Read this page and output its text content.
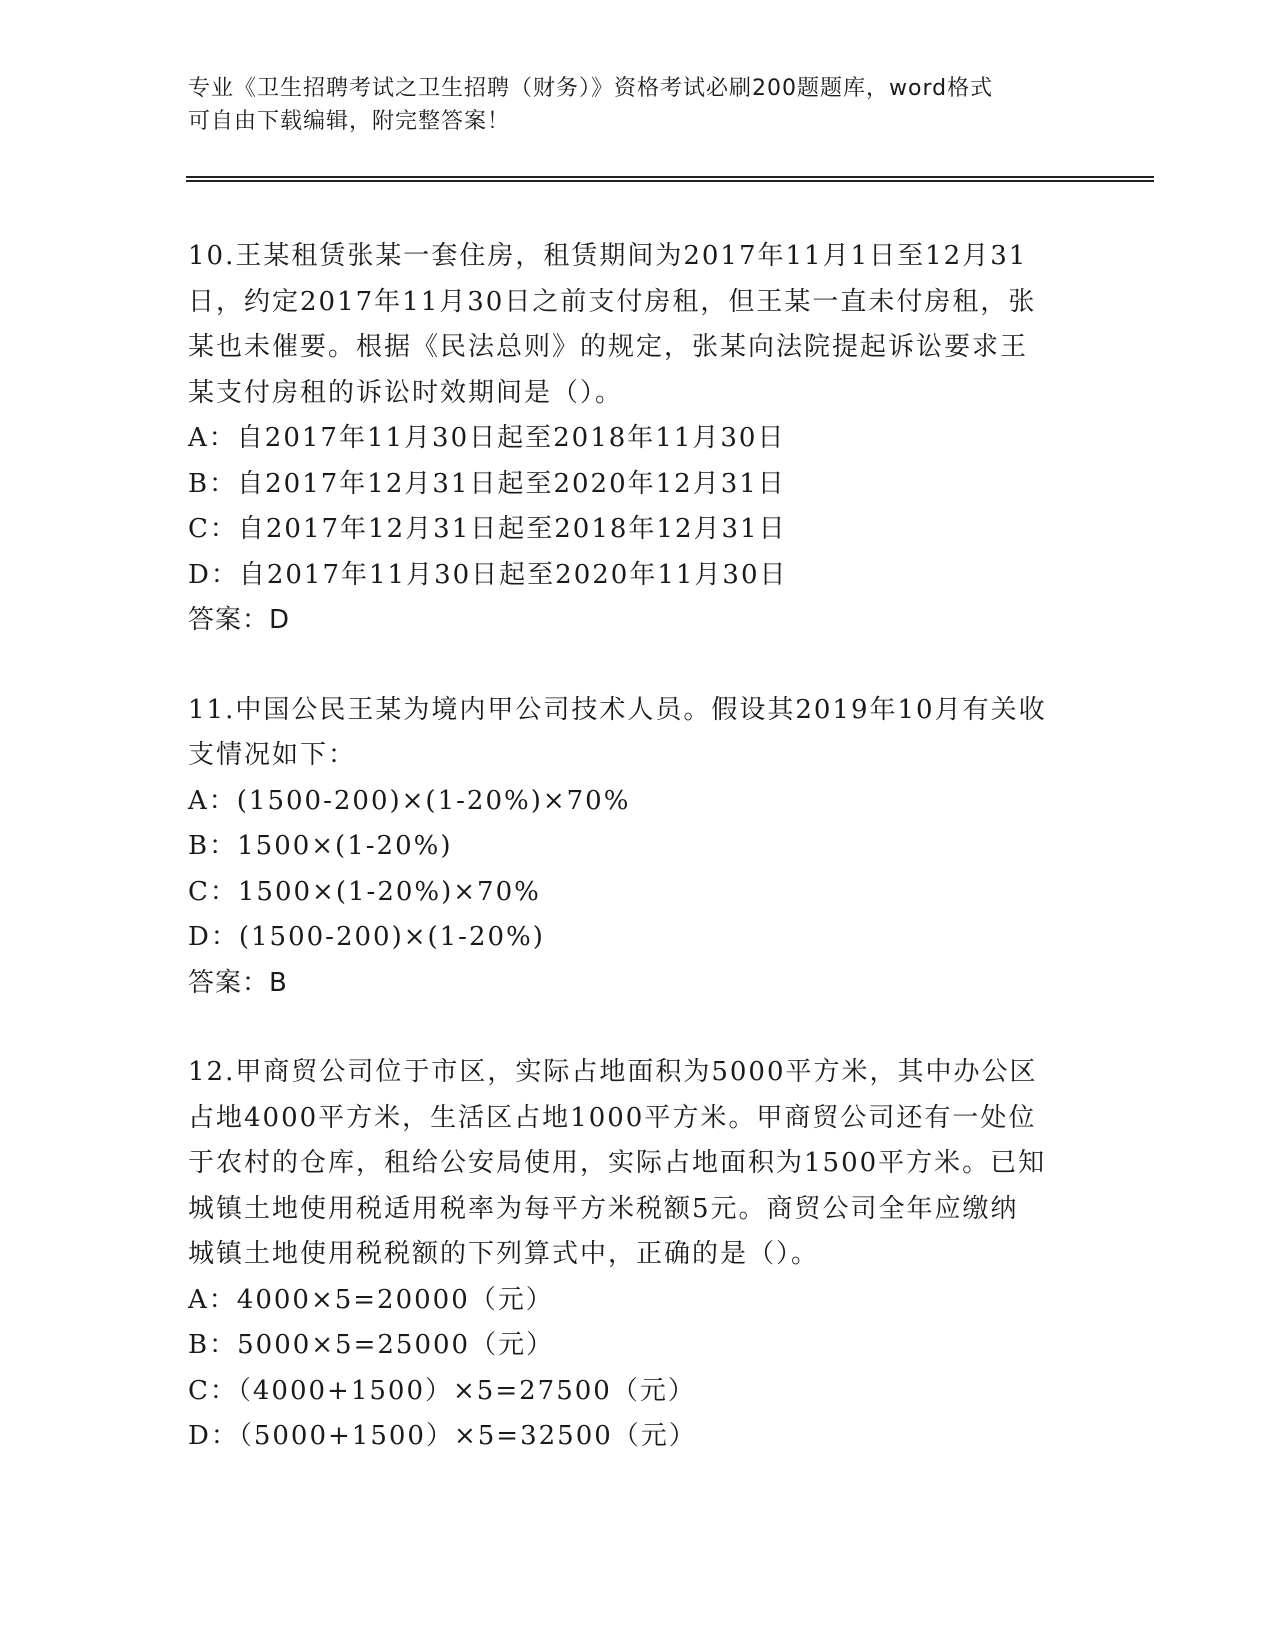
专业《卫生招聘考试之卫生招聘（财务）》资格考试必刷200题题库，word格式
可自由下载编辑，附完整答案！
10.王某租赁张某一套住房，租赁期间为2017年11月1日至12月31
日，约定2017年11月30日之前支付房租，但王某一直未付房租，张
某也未催要。根据《民法总则》的规定，张某向法院提起诉讼要求王
某支付房租的诉讼时效期间是（）。
A：自2017年11月30日起至2018年11月30日
B：自2017年12月31日起至2020年12月31日
C：自2017年12月31日起至2018年12月31日
D：自2017年11月30日起至2020年11月30日
答案：D
11.中国公民王某为境内甲公司技术人员。假设其2019年10月有关收
支情况如下：
A：(1500-200)×(1-20%)×70%
B：1500×(1-20%)
C：1500×(1-20%)×70%
D：(1500-200)×(1-20%)
答案：B
12.甲商贸公司位于市区，实际占地面积为5000平方米，其中办公区
占地4000平方米，生活区占地1000平方米。甲商贸公司还有一处位
于农村的仓库，租给公安局使用，实际占地面积为1500平方米。已知
城镇土地使用税适用税率为每平方米税额5元。商贸公司全年应缴纳
城镇土地使用税税额的下列算式中，正确的是（）。
A：4000×5=20000（元）
B：5000×5=25000（元）
C：（4000+1500）×5=27500（元）
D：（5000+1500）×5=32500（元）
